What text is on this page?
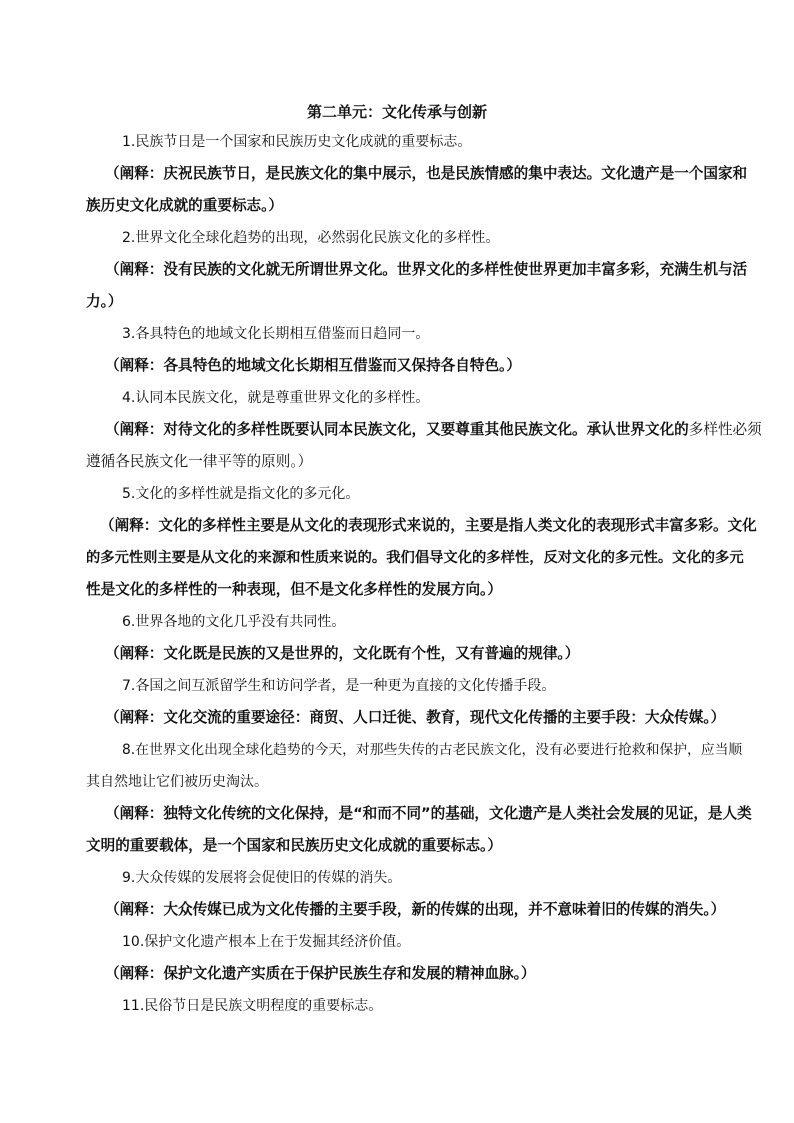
第二单元：文化传承与创新
1.民族节日是一个国家和民族历史文化成就的重要标志。
（阐释：庆祝民族节日，是民族文化的集中展示，也是民族情感的集中表达。文化遗产是一个国家和
族历史文化成就的重要标志。）
2.世界文化全球化趋势的出现，必然弱化民族文化的多样性。
（阐释：没有民族的文化就无所谓世界文化。世界文化的多样性使世界更加丰富多彩，充满生机与活
力。）
3.各具特色的地域文化长期相互借鉴而日趋同一。
（阐释：各具特色的地域文化长期相互借鉴而又保持各自特色。）
4.认同本民族文化，就是尊重世界文化的多样性。
（阐释：对待文化的多样性既要认同本民族文化，又要尊重其他民族文化。承认世界文化的多样性必须
遵循各民族文化一律平等的原则。）
5.文化的多样性就是指文化的多元化。
（阐释：文化的多样性主要是从文化的表现形式来说的，主要是指人类文化的表现形式丰富多彩。文化
的多元性则主要是从文化的来源和性质来说的。我们倡导文化的多样性，反对文化的多元性。文化的多元
性是文化的多样性的一种表现，但不是文化多样性的发展方向。）
6.世界各地的文化几乎没有共同性。
（阐释：文化既是民族的又是世界的，文化既有个性，又有普遍的规律。）
7.各国之间互派留学生和访问学者，是一种更为直接的文化传播手段。
（阐释：文化交流的重要途径：商贸、人口迁徙、教育，现代文化传播的主要手段：大众传媒。）
8.在世界文化出现全球化趋势的今天，对那些失传的古老民族文化，没有必要进行抢救和保护，应当顺
其自然地让它们被历史淘汰。
（阐释：独特文化传统的文化保持，是“和而不同”的基础，文化遗产是人类社会发展的见证，是人类
文明的重要载体，是一个国家和民族历史文化成就的重要标志。）
9.大众传媒的发展将会促使旧的传媒的消失。
（阐释：大众传媒已成为文化传播的主要手段，新的传媒的出现，并不意味着旧的传媒的消失。）
10.保护文化遗产根本上在于发掘其经济价值。
（阐释：保护文化遗产实质在于保护民族生存和发展的精神血脉。）
11.民俗节日是民族文明程度的重要标志。
